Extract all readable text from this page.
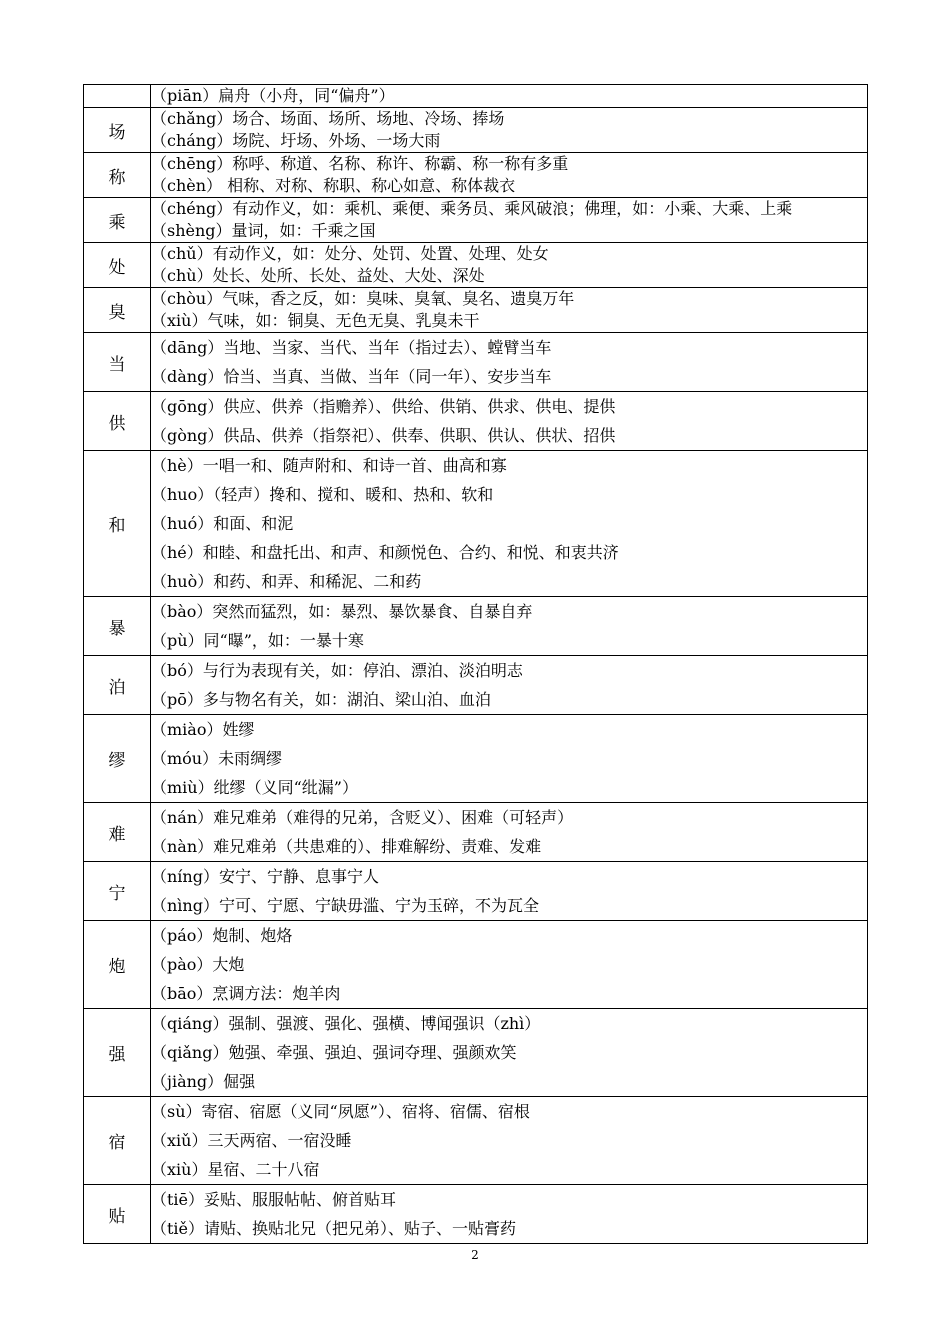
	（piān）扁舟（小舟，同“偏舟”）

场	（chǎng）场合、场面、场所、场地、冷场、捧场
（cháng）场院、圩场、外场、一场大雨

称	（chēng）称呼、称道、名称、称许、称霸、称一称有多重
（chèn） 相称、对称、称职、称心如意、称体裁衣

乘	（chéng）有动作义，如：乘机、乘便、乘务员、乘风破浪；佛理，如：小乘、大乘、上乘
（shèng）量词，如：千乘之国

处	（chǔ）有动作义，如：处分、处罚、处置、处理、处女
（chù）处长、处所、长处、益处、大处、深处

臭	（chòu）气味，香之反，如：臭味、臭氧、臭名、遗臭万年
（xiù）气味，如：铜臭、无色无臭、乳臭未干

当	（dāng）当地、当家、当代、当年（指过去）、螳臂当车
（dàng）恰当、当真、当做、当年（同一年）、安步当车

供	（gōng）供应、供养（指赡养）、供给、供销、供求、供电、提供
（gòng）供品、供养（指祭祀）、供奉、供职、供认、供状、招供

和	（hè）一唱一和、随声附和、和诗一首、曲高和寡
（huo）（轻声）搀和、搅和、暖和、热和、软和
（huó）和面、和泥
（hé）和睦、和盘托出、和声、和颜悦色、合约、和悦、和衷共济
（huò）和药、和弄、和稀泥、二和药

暴	（bào）突然而猛烈，如：暴烈、暴饮暴食、自暴自弃
（pù）同“曝”，如：一暴十寒

泊	（bó）与行为表现有关，如：停泊、漂泊、淡泊明志
（pō）多与物名有关，如：湖泊、梁山泊、血泊

缪	（miào）姓缪
（móu）未雨绸缪
（miù）纰缪（义同“纰漏”）

难	（nán）难兄难弟（难得的兄弟，含贬义）、困难（可轻声）
（nàn）难兄难弟（共患难的）、排难解纷、责难、发难

宁	（níng）安宁、宁静、息事宁人
（nìng）宁可、宁愿、宁缺毋滥、宁为玉碎，不为瓦全

炮	（páo）炮制、炮烙
（pào）大炮
（bāo）烹调方法：炮羊肉

强	（qiáng）强制、强渡、强化、强横、博闻强识（zhì）
（qiǎng）勉强、牵强、强迫、强词夺理、强颜欢笑
（jiàng）倔强

宿	（sù）寄宿、宿愿（义同“夙愿”）、宿将、宿儒、宿根
（xiǔ）三天两宿、一宿没睡
（xiù）星宿、二十八宿

贴	（tiē）妥贴、服服帖帖、俯首贴耳
（tiě）请贴、换贴北兄（把兄弟）、贴子、一贴膏药
2
